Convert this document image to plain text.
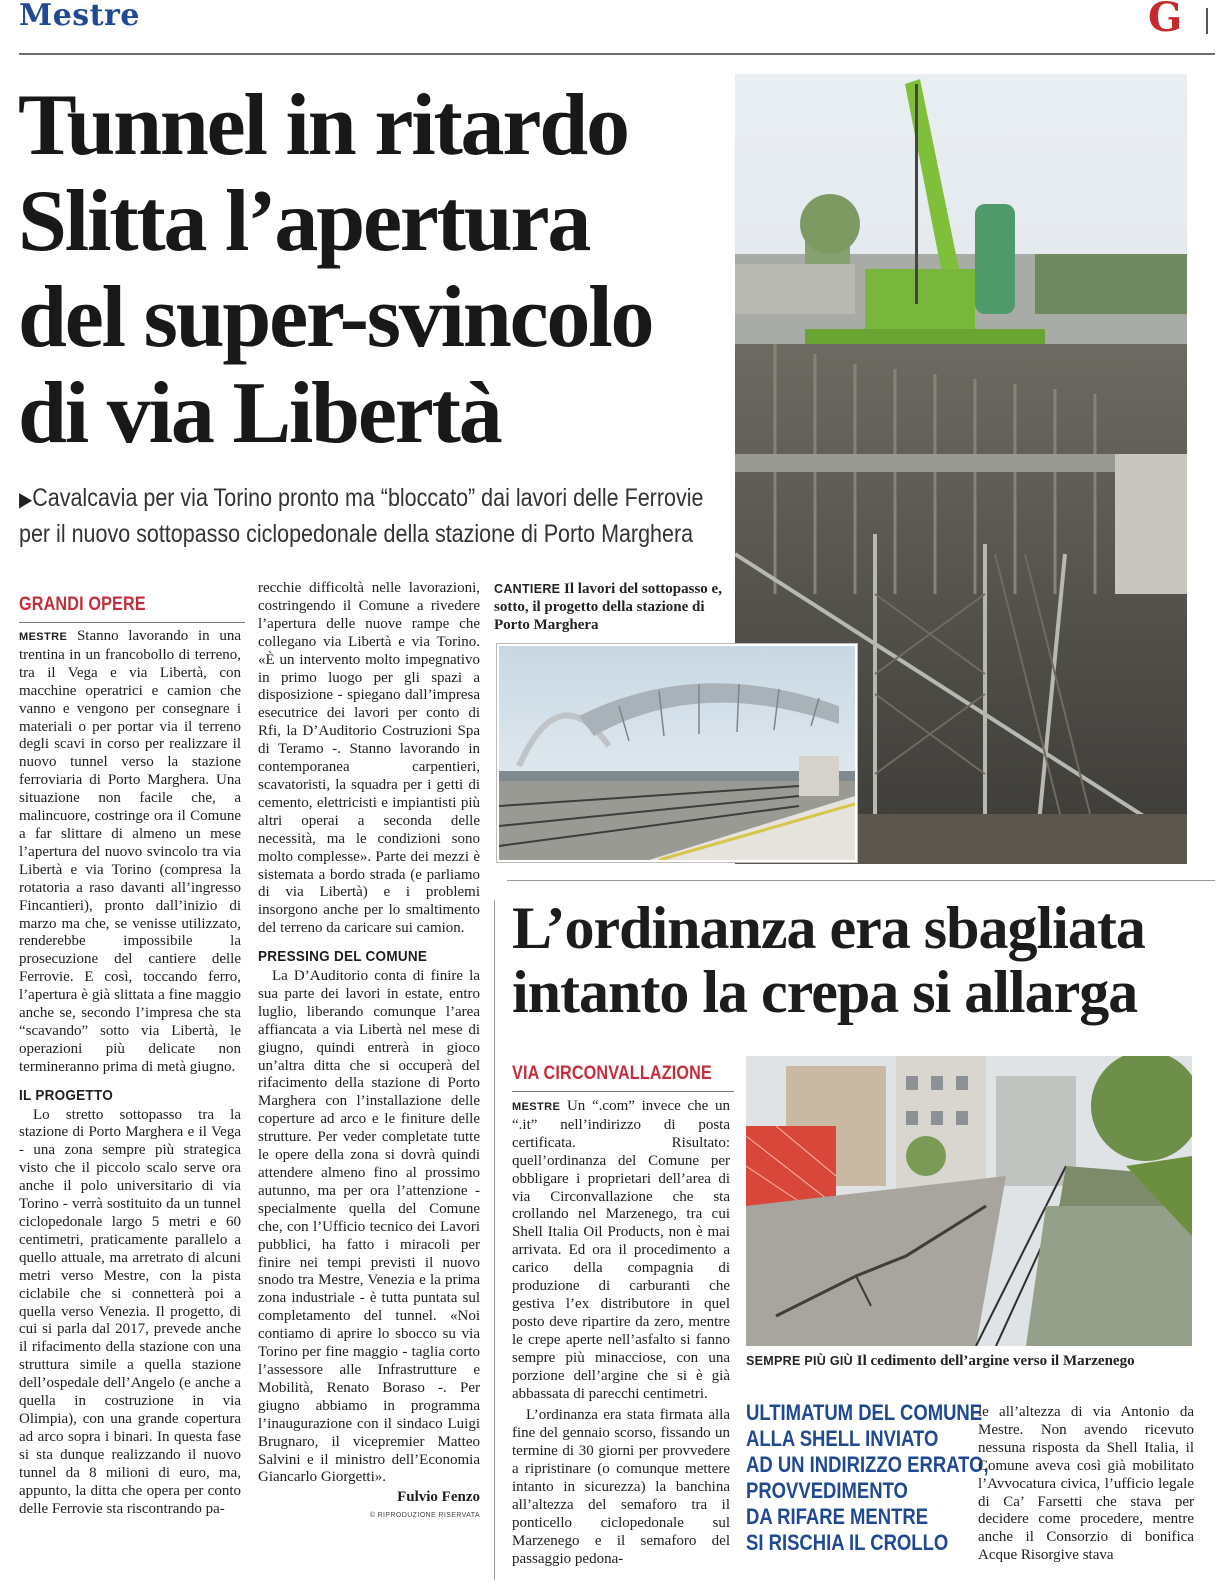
Mestre	G
Tunnel in ritardo
Slitta l’apertura
del super-svincolo
di via Libertà
▶Cavalcavia per via Torino pronto ma “bloccato” dai lavori delle Ferrovie
per il nuovo sottopasso ciclopedonale della stazione di Porto Marghera
CANTIERE Il lavori del sottopasso e, sotto, il progetto della stazione di Porto Marghera
GRANDI OPERE

MESTRE Stanno lavorando in una trentina in un francobollo di terreno, tra il Vega e via Libertà, con macchine operatrici e camion che vanno e vengono per consegnare i materiali o per portar via il terreno degli scavi in corso per realizzare il nuovo tunnel verso la stazione ferroviaria di Porto Marghera. Una situazione non facile che, a malincuore, costringe ora il Comune a far slittare di almeno un mese l’apertura del nuovo svincolo tra via Libertà e via Torino (compresa la rotatoria a raso davanti all’ingresso Fincantieri), pronto dall’inizio di marzo ma che, se venisse utilizzato, renderebbe impossibile la prosecuzione del cantiere delle Ferrovie. E così, toccando ferro, l’apertura è già slittata a fine maggio anche se, secondo l’impresa che sta “scavando” sotto via Libertà, le operazioni più delicate non termineranno prima di metà giugno.

IL PROGETTO

Lo stretto sottopasso tra la stazione di Porto Marghera e il Vega - una zona sempre più strategica visto che il piccolo scalo serve ora anche il polo universitario di via Torino - verrà sostituito da un tunnel ciclopedonale largo 5 metri e 60 centimetri, praticamente parallelo a quello attuale, ma arretrato di alcuni metri verso Mestre, con la pista ciclabile che si connetterà poi a quella verso Venezia. Il progetto, di cui si parla dal 2017, prevede anche il rifacimento della stazione con una struttura simile a quella stazione dell’ospedale dell’Angelo (e anche a quella in costruzione in via Olimpia), con una grande copertura ad arco sopra i binari. In questa fase si sta dunque realizzando il nuovo tunnel da 8 milioni di euro, ma, appunto, la ditta che opera per conto delle Ferrovie sta riscontrando pa-

recchie difficoltà nelle lavorazioni, costringendo il Comune a rivedere l’apertura delle nuove rampe che collegano via Libertà e via Torino. «È un intervento molto impegnativo in primo luogo per gli spazi a disposizione - spiegano dall’impresa esecutrice dei lavori per conto di Rfi, la D’Auditorio Costruzioni Spa di Teramo -. Stanno lavorando in contemporanea carpentieri, scavatoristi, la squadra per i getti di cemento, elettricisti e impiantisti più altri operai a seconda delle necessità, ma le condizioni sono molto complesse». Parte dei mezzi è sistemata a bordo strada (e parliamo di via Libertà) e i problemi insorgono anche per lo smaltimento del terreno da caricare sui camion.

PRESSING DEL COMUNE

La D’Auditorio conta di finire la sua parte dei lavori in estate, entro luglio, liberando comunque l’area affiancata a via Libertà nel mese di giugno, quindi entrerà in gioco un’altra ditta che si occuperà del rifacimento della stazione di Porto Marghera con l’installazione delle coperture ad arco e le finiture delle strutture. Per veder completate tutte le opere della zona si dovrà quindi attendere almeno fino al prossimo autunno, ma per ora l’attenzione - specialmente quella del Comune che, con l’Ufficio tecnico dei Lavori pubblici, ha fatto i miracoli per finire nei tempi previsti il nuovo snodo tra Mestre, Venezia e la prima zona industriale - è tutta puntata sul completamento del tunnel. «Noi contiamo di aprire lo sbocco su via Torino per fine maggio - taglia corto l’assessore alle Infrastrutture e Mobilità, Renato Boraso -. Per giugno abbiamo in programma l’inaugurazione con il sindaco Luigi Brugnaro, il vicepremier Matteo Salvini e il ministro dell’Economia Giancarlo Giorgetti».

Fulvio Fenzo
© RIPRODUZIONE RISERVATA
L’ordinanza era sbagliata
intanto la crepa si allarga
SEMPRE PIÙ GIÙ Il cedimento dell’argine verso il Marzenego
VIA CIRCONVALLAZIONE

MESTRE Un “.com” invece che un “.it” nell’indirizzo di posta certificata. Risultato: quell’ordinanza del Comune per obbligare i proprietari dell’area di via Circonvallazione che sta crollando nel Marzenego, tra cui Shell Italia Oil Products, non è mai arrivata. Ed ora il procedimento a carico della compagnia di produzione di carburanti che gestiva l’ex distributore in quel posto deve ripartire da zero, mentre le crepe aperte nell’asfalto si fanno sempre più minacciose, con una porzione dell’argine che si è già abbassata di parecchi centimetri.

L’ordinanza era stata firmata alla fine del gennaio scorso, fissando un termine di 30 giorni per provvedere a ripristinare (o comunque mettere intanto in sicurezza) la banchina all’altezza del semaforo tra il ponticello ciclopedonale sul Marzenego e il semaforo del passaggio pedona-

ULTIMATUM DEL COMUNE
ALLA SHELL INVIATO
AD UN INDIRIZZO ERRATO,
PROVVEDIMENTO
DA RIFARE MENTRE
SI RISCHIA IL CROLLO

le all’altezza di via Antonio da Mestre. Non avendo ricevuto nessuna risposta da Shell Italia, il Comune aveva così già mobilitato l’Avvocatura civica, l’ufficio legale di Ca’ Farsetti che stava per decidere come procedere, mentre anche il Consorzio di bonifica Acque Risorgive stava
